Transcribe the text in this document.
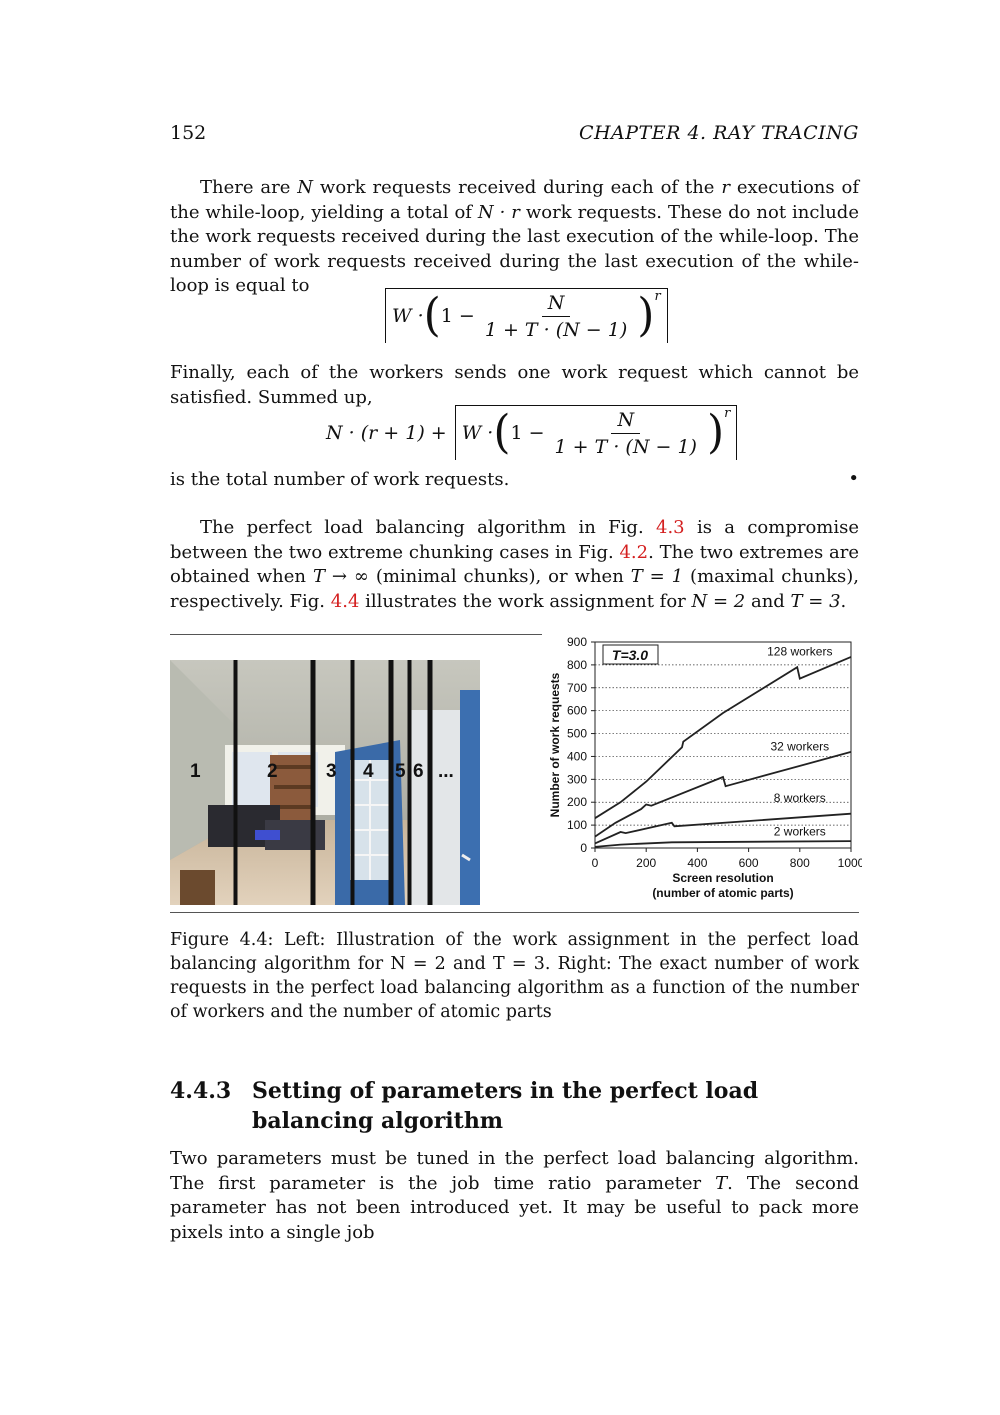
152	CHAPTER 4. RAY TRACING
There are N work requests received during each of the r executions of the while-loop, yielding a total of N · r work requests. These do not include the work requests received during the last execution of the while-loop. The number of work requests received during the last execution of the while-loop is equal to
W · ( $1 - \frac{N}{1 + T \cdot (N - 1)} )^r$
Finally, each of the workers sends one work request which cannot be satisfied. Summed up,
N · (r + 1) + W · ( $1 - \frac{N}{1 + T \cdot (N - 1)} )^r$
is the total number of work requests.	•
The perfect load balancing algorithm in Fig. 4.3 is a compromise between the two extreme chunking cases in Fig. 4.2. The two extremes are obtained when T → ∞ (minimal chunks), or when T = 1 (maximal chunks), respectively. Fig. 4.4 illustrates the work assignment for N = 2 and T = 3.
1	2	3 4 5 6 ...
0
100
200
300
400
500
600
700
800
900
0	200	400	600	800 1000
Screen resolution
(number of atomic parts)
Number of work requests
T=3.0	128 workers
32 workers
8 workers
2 workers
Figure 4.4: Left: Illustration of the work assignment in the perfect load balancing algorithm for N = 2 and T = 3. Right: The exact number of work requests in the perfect load balancing algorithm as a function of the number of workers and the number of atomic parts
4.4.3 Setting of parameters in the perfect load balancing algorithm
Two parameters must be tuned in the perfect load balancing algorithm. The first parameter is the job time ratio parameter T. The second parameter has not been introduced yet. It may be useful to pack more pixels into a single job
